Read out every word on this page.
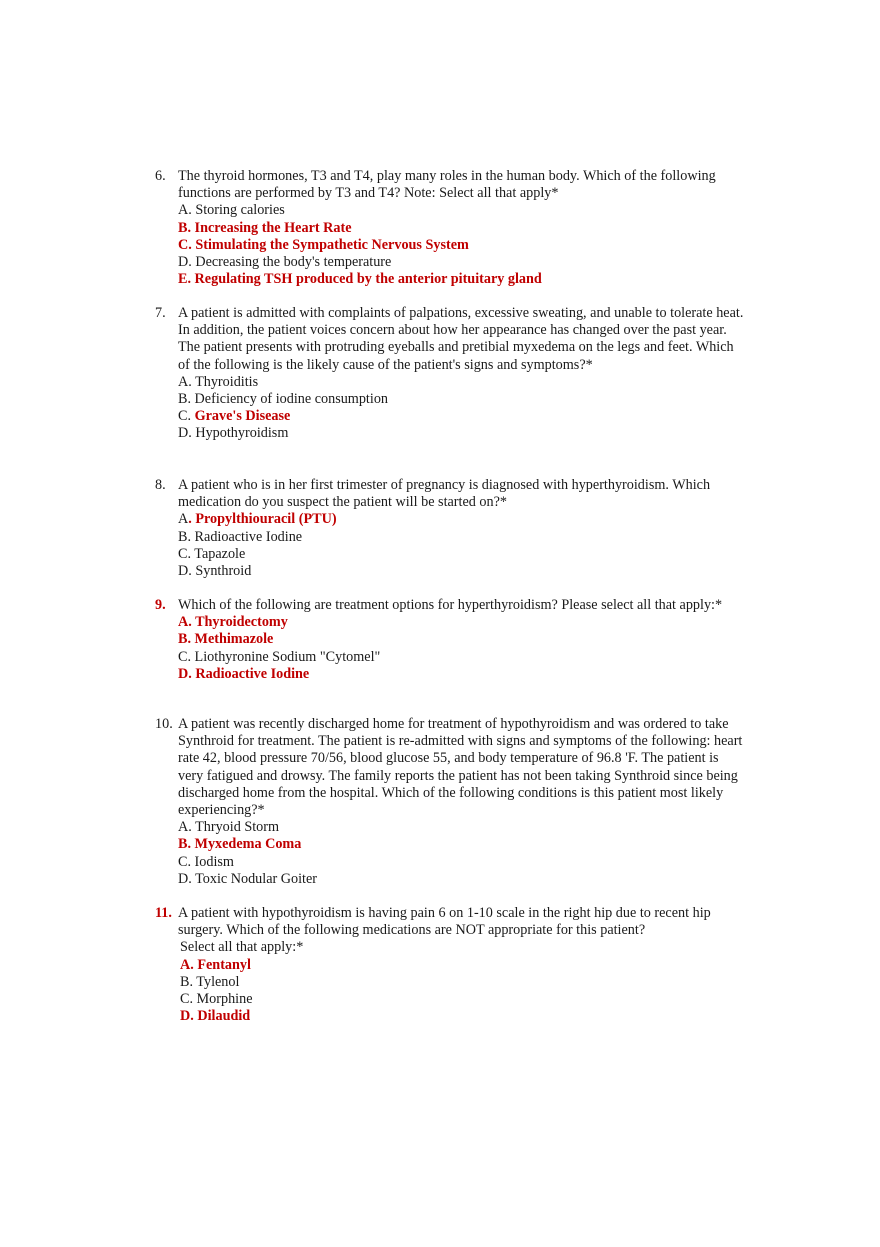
6. The thyroid hormones, T3 and T4, play many roles in the human body. Which of the following functions are performed by T3 and T4? Note: Select all that apply*

A. Storing calories
B. Increasing the Heart Rate
C. Stimulating the Sympathetic Nervous System
D. Decreasing the body's temperature
E. Regulating TSH produced by the anterior pituitary gland
7. A patient is admitted with complaints of palpations, excessive sweating, and unable to tolerate heat. In addition, the patient voices concern about how her appearance has changed over the past year. The patient presents with protruding eyeballs and pretibial myxedema on the legs and feet. Which of the following is the likely cause of the patient's signs and symptoms?*

A. Thyroiditis
B. Deficiency of iodine consumption
C. Grave's Disease
D. Hypothyroidism
8. A patient who is in her first trimester of pregnancy is diagnosed with hyperthyroidism. Which medication do you suspect the patient will be started on?*

A. Propylthiouracil (PTU)
B. Radioactive Iodine
C. Tapazole
D. Synthroid
9. Which of the following are treatment options for hyperthyroidism? Please select all that apply:*

A. Thyroidectomy
B. Methimazole
C. Liothyronine Sodium "Cytomel"
D. Radioactive Iodine
10. A patient was recently discharged home for treatment of hypothyroidism and was ordered to take Synthroid for treatment. The patient is re-admitted with signs and symptoms of the following: heart rate 42, blood pressure 70/56, blood glucose 55, and body temperature of 96.8 'F. The patient is very fatigued and drowsy. The family reports the patient has not been taking Synthroid since being discharged home from the hospital. Which of the following conditions is this patient most likely experiencing?*

A. Thryoid Storm
B. Myxedema Coma
C. Iodism
D. Toxic Nodular Goiter
11. A patient with hypothyroidism is having pain 6 on 1-10 scale in the right hip due to recent hip surgery. Which of the following medications are NOT appropriate for this patient?

Select all that apply:*
A. Fentanyl
B. Tylenol
C. Morphine
D. Dilaudid
